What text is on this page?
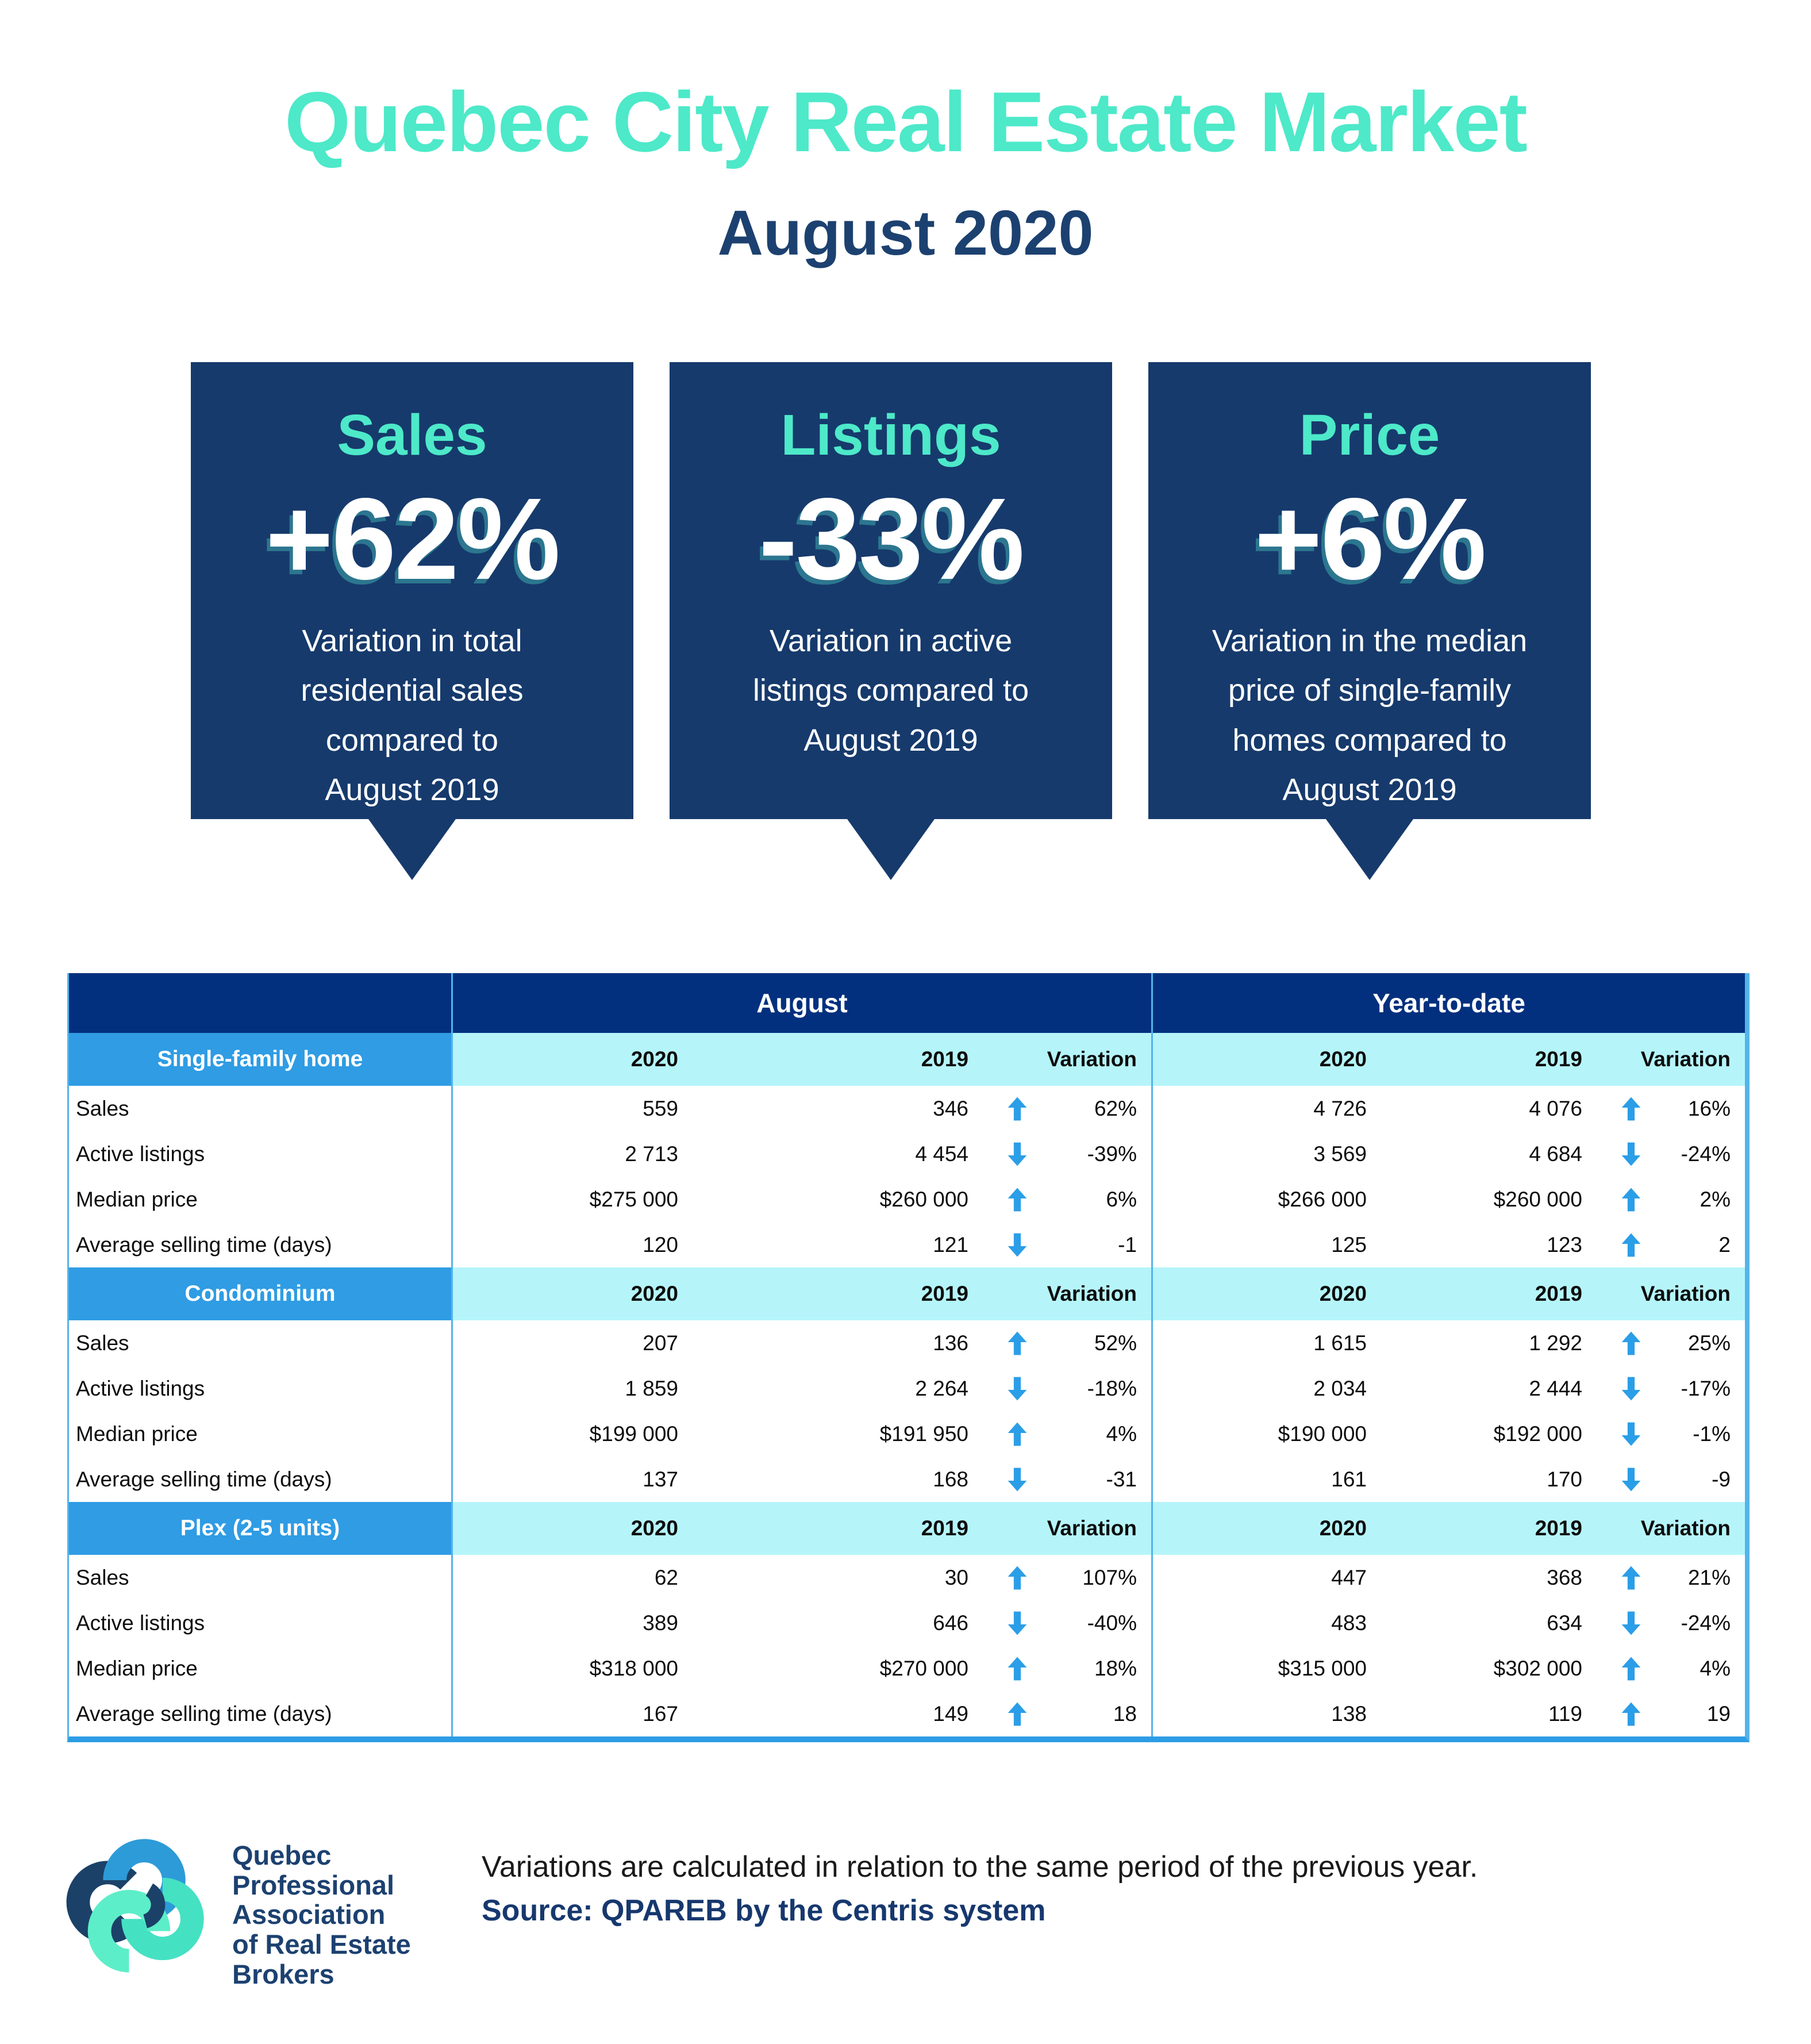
Quebec City Real Estate Market
August 2020
Sales
+62%
Variation in total
residential sales
compared to
August 2019
Listings
-33%
Variation in active
listings compared to
August 2019
Price
+6%
Variation in the median
price of single-family
homes compared to
August 2019
August	Year-to-date
Single-family home	2020	2019	Variation	2020	2019	Variation
Sales	559	346	62%	4 726	4 076	16%
Active listings	2 713	4 454	-39%	3 569	4 684	-24%
Median price	$275 000	$260 000	6%	$266 000	$260 000	2%
Average selling time (days)	120	121	-1	125	123	2
Condominium	2020	2019	Variation	2020	2019	Variation
Sales	207	136	52%	1 615	1 292	25%
Active listings	1 859	2 264	-18%	2 034	2 444	-17%
Median price	$199 000	$191 950	4%	$190 000	$192 000	-1%
Average selling time (days)	137	168	-31	161	170	-9
Plex (2-5 units)	2020	2019	Variation	2020	2019	Variation
Sales	62	30	107%	447	368	21%
Active listings	389	646	-40%	483	634	-24%
Median price	$318 000	$270 000	18%	$315 000	$302 000	4%
Average selling time (days)	167	149	18	138	119	19
Quebec
Professional
Association
of Real Estate
Brokers
Variations are calculated in relation to the same period of the previous year.
Source: QPAREB by the Centris system
